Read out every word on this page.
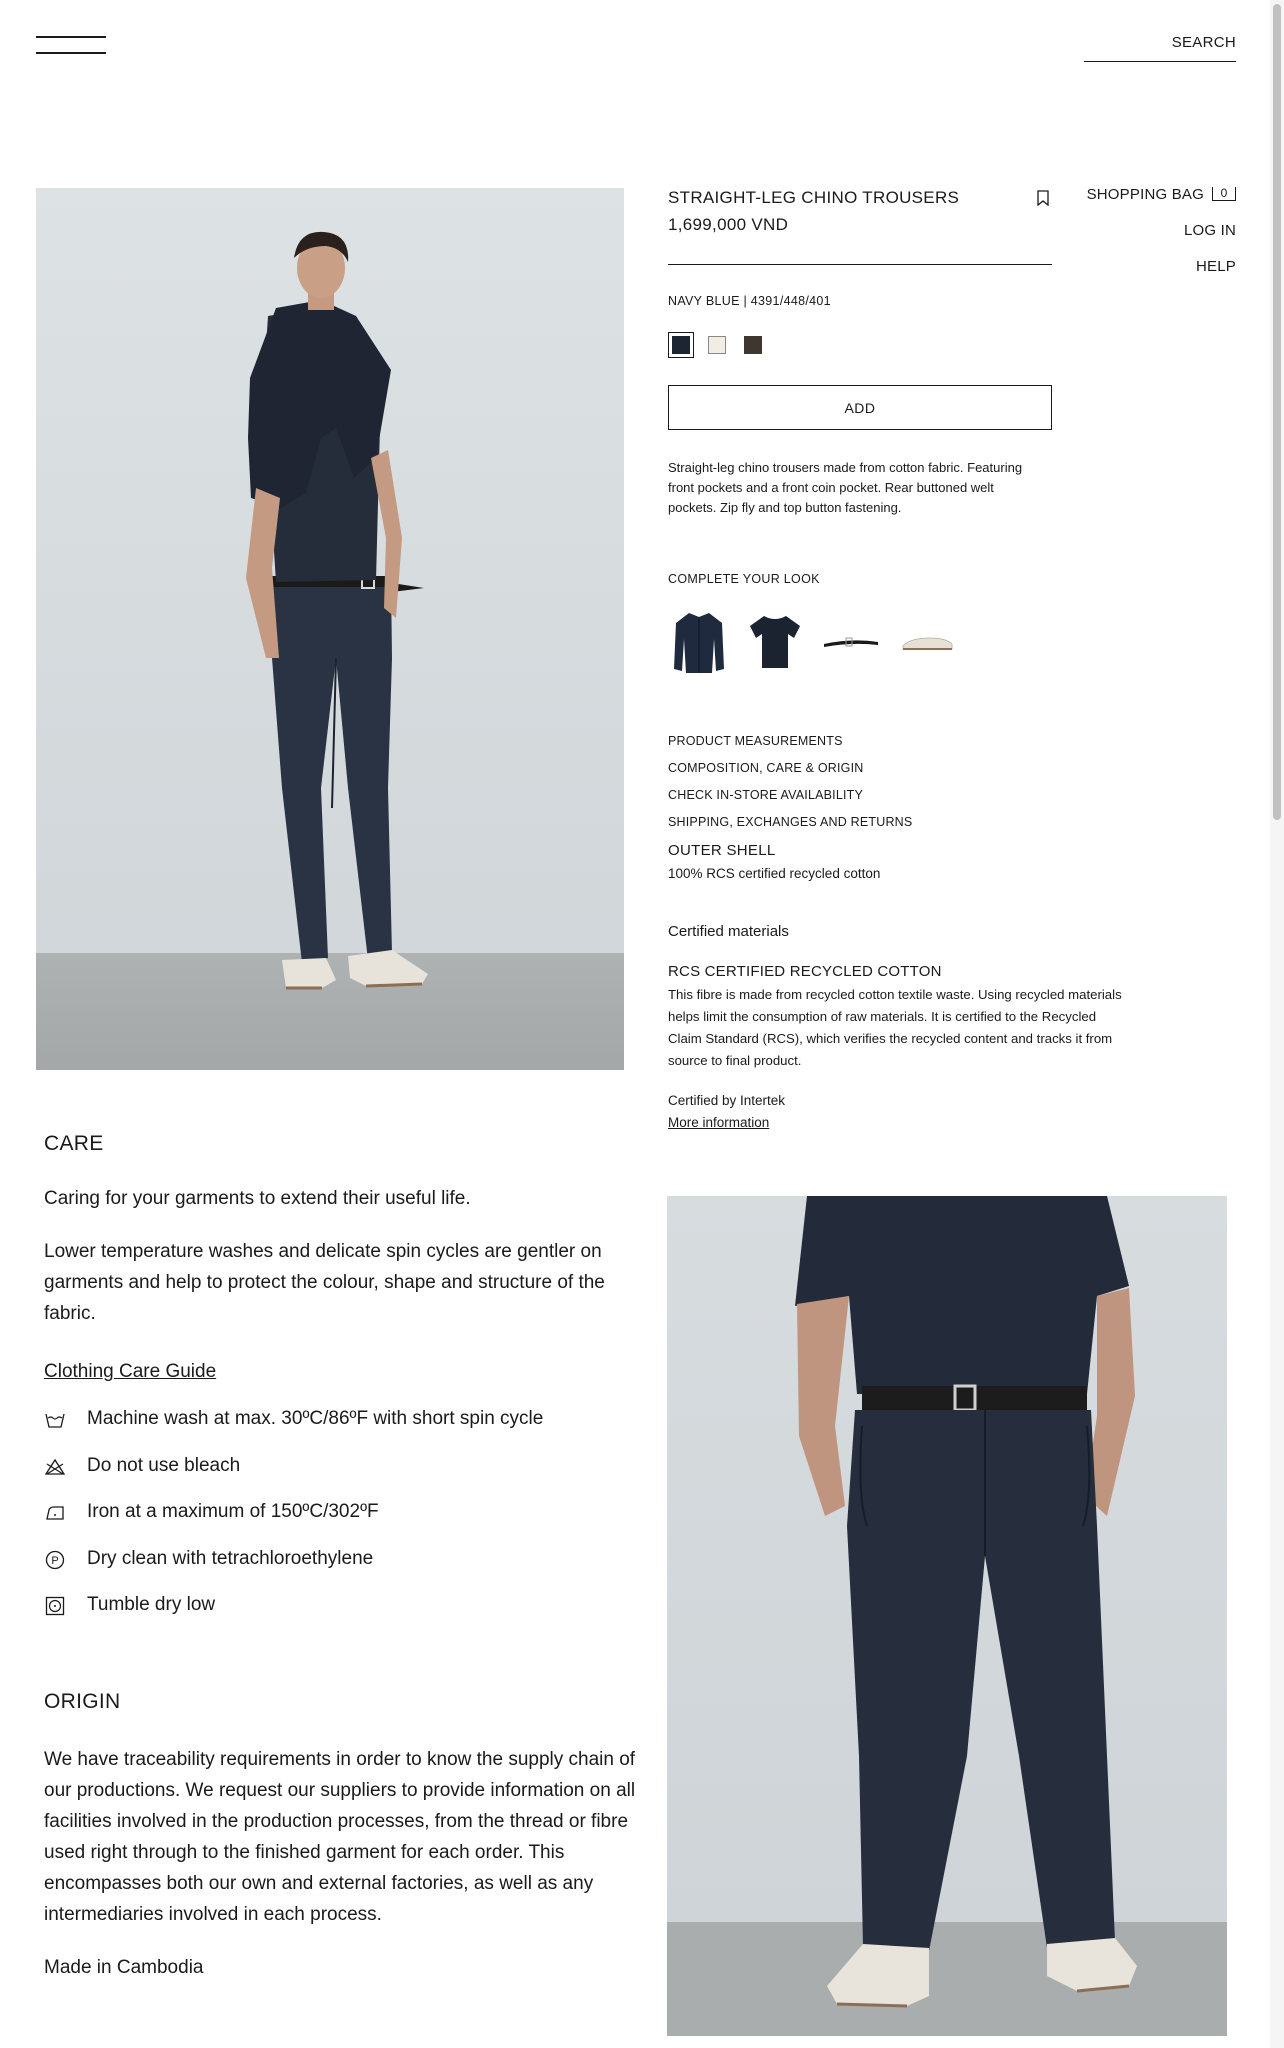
SEARCH
SHOPPING BAG 0
LOG IN
HELP
STRAIGHT-LEG CHINO TROUSERS
1,699,000 VND
NAVY BLUE | 4391/448/401
ADD
Straight-leg chino trousers made from cotton fabric. Featuring front pockets and a front coin pocket. Rear buttoned welt pockets. Zip fly and top button fastening.
COMPLETE YOUR LOOK
PRODUCT MEASUREMENTS
COMPOSITION, CARE & ORIGIN
CHECK IN-STORE AVAILABILITY
SHIPPING, EXCHANGES AND RETURNS
OUTER SHELL
100% RCS certified recycled cotton
Certified materials
RCS CERTIFIED RECYCLED COTTON
This fibre is made from recycled cotton textile waste. Using recycled materials helps limit the consumption of raw materials. It is certified to the Recycled Claim Standard (RCS), which verifies the recycled content and tracks it from source to final product.
Certified by Intertek
More information
CARE
Caring for your garments to extend their useful life.
Lower temperature washes and delicate spin cycles are gentler on garments and help to protect the colour, shape and structure of the fabric.
Clothing Care Guide
Machine wash at max. 30ºC/86ºF with short spin cycle
Do not use bleach
Iron at a maximum of 150ºC/302ºF
P Dry clean with tetrachloroethylene
Tumble dry low
ORIGIN
We have traceability requirements in order to know the supply chain of our productions. We request our suppliers to provide information on all facilities involved in the production processes, from the thread or fibre used right through to the finished garment for each order. This encompasses both our own and external factories, as well as any intermediaries involved in each process.
Made in Cambodia
